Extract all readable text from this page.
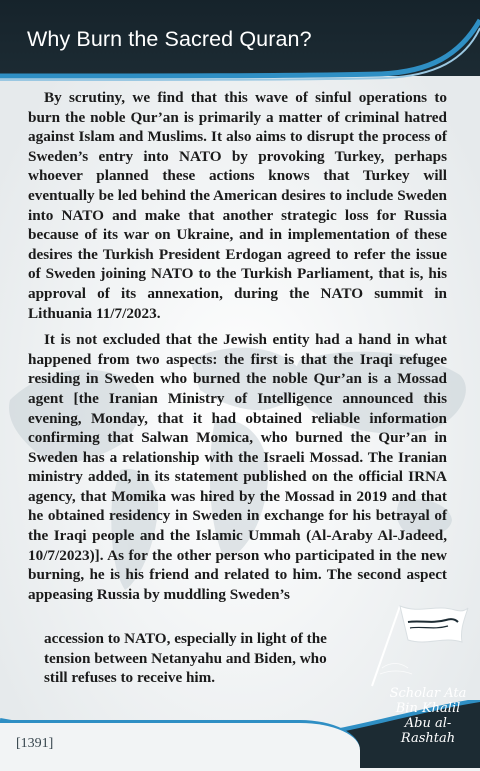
Why Burn the Sacred Quran?

By scrutiny, we find that this wave of sinful operations to burn the noble Qur’an is primarily a matter of criminal hatred against Islam and Muslims. It also aims to disrupt the process of Sweden’s entry into NATO by provoking Turkey, perhaps whoever planned these actions knows that Turkey will eventually be led behind the American desires to include Sweden into NATO and make that another strategic loss for Russia because of its war on Ukraine, and in implementation of these desires the Turkish President Erdogan agreed to refer the issue of Sweden joining NATO to the Turkish Parliament, that is, his approval of its annexation, during the NATO summit in Lithuania 11/7/2023.

It is not excluded that the Jewish entity had a hand in what happened from two aspects: the first is that the Iraqi refugee residing in Sweden who burned the noble Qur’an is a Mossad agent [the Iranian Ministry of Intelligence announced this evening, Monday, that it had obtained reliable information confirming that Salwan Momica, who burned the Qur’an in Sweden has a relationship with the Israeli Mossad. The Iranian ministry added, in its statement published on the official IRNA agency, that Momika was hired by the Mossad in 2019 and that he obtained residency in Sweden in exchange for his betrayal of the Iraqi people and the Islamic Ummah (Al-Araby Al-Jadeed, 10/7/2023)]. As for the other person who participated in the new burning, he is his friend and related to him. The second aspect appeasing Russia by muddling Sweden’s

accession to NATO, especially in light of the
tension between Netanyahu and Biden, who
still refuses to receive him.
[1391]
Scholar Ata
Bin Khalil
Abu al-Rashtah
